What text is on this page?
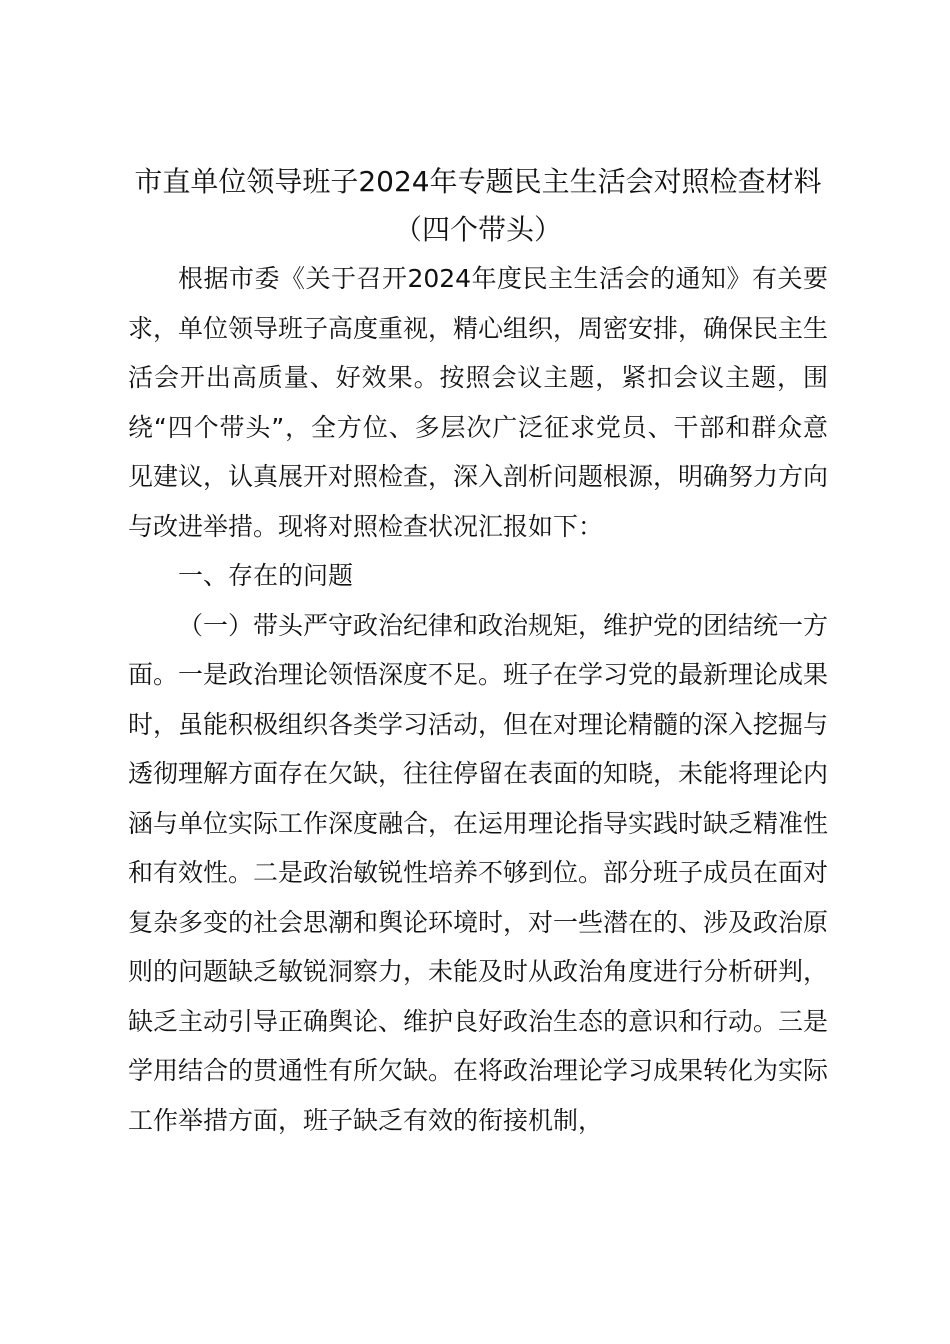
市直单位领导班子2024年专题民主生活会对照检查材料（四个带头）

根据市委《关于召开2024年度民主生活会的通知》有关要求，单位领导班子高度重视，精心组织，周密安排，确保民主生活会开出高质量、好效果。按照会议主题，紧扣会议主题，围绕“四个带头”，全方位、多层次广泛征求党员、干部和群众意见建议，认真展开对照检查，深入剖析问题根源，明确努力方向与改进举措。现将对照检查状况汇报如下：

一、存在的问题

（一）带头严守政治纪律和政治规矩，维护党的团结统一方面。一是政治理论领悟深度不足。班子在学习党的最新理论成果时，虽能积极组织各类学习活动，但在对理论精髓的深入挖掘与透彻理解方面存在欠缺，往往停留在表面的知晓，未能将理论内涵与单位实际工作深度融合，在运用理论指导实践时缺乏精准性和有效性。二是政治敏锐性培养不够到位。部分班子成员在面对复杂多变的社会思潮和舆论环境时，对一些潜在的、涉及政治原则的问题缺乏敏锐洞察力，未能及时从政治角度进行分析研判，缺乏主动引导正确舆论、维护良好政治生态的意识和行动。三是学用结合的贯通性有所欠缺。在将政治理论学习成果转化为实际工作举措方面，班子缺乏有效的衔接机制，
